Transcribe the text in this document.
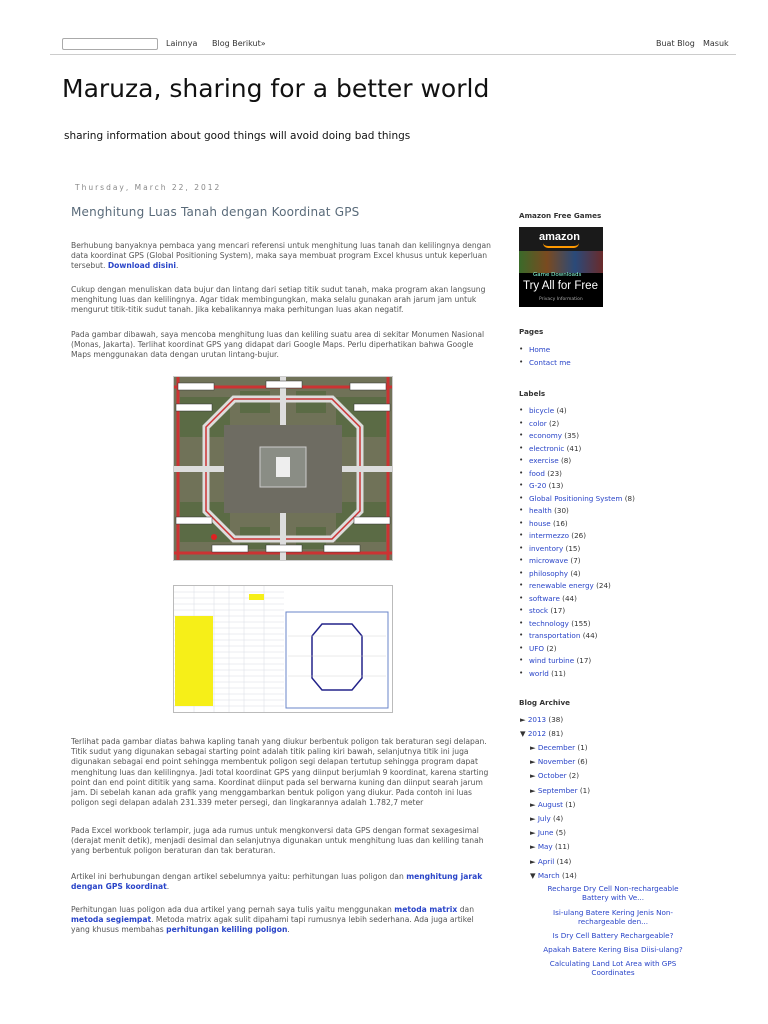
Lainnya Blog Berikut»	Buat Blog Masuk
Maruza, sharing for a better world
sharing information about good things will avoid doing bad things
Thursday, March 22, 2012
Menghitung Luas Tanah dengan Koordinat GPS
Berhubung banyaknya pembaca yang mencari referensi untuk menghitung luas tanah dan kelilingnya dengan data koordinat GPS (Global Positioning System), maka saya membuat program Excel khusus untuk keperluan tersebut. Download disini.
Cukup dengan menuliskan data bujur dan lintang dari setiap titik sudut tanah, maka program akan langsung menghitung luas dan kelilingnya. Agar tidak membingungkan, maka selalu gunakan arah jarum jam untuk mengurut titik-titik sudut tanah. Jika kebalikannya maka perhitungan luas akan negatif.
Pada gambar dibawah, saya mencoba menghitung luas dan keliling suatu area di sekitar Monumen Nasional (Monas, Jakarta). Terlihat koordinat GPS yang didapat dari Google Maps. Perlu diperhatikan bahwa Google Maps menggunakan data dengan urutan lintang-bujur.
Terlihat pada gambar diatas bahwa kapling tanah yang diukur berbentuk poligon tak beraturan segi delapan. Titik sudut yang digunakan sebagai starting point adalah titik paling kiri bawah, selanjutnya titik ini juga digunakan sebagai end point sehingga membentuk poligon segi delapan tertutup sehingga program dapat menghitung luas dan kelilingnya. Jadi total koordinat GPS yang diinput berjumlah 9 koordinat, karena starting point dan end point dititik yang sama. Koordinat diinput pada sel berwarna kuning dan diinput searah jarum jam. Di sebelah kanan ada grafik yang menggambarkan bentuk poligon yang diukur. Pada contoh ini luas poligon segi delapan adalah 231.339 meter persegi, dan lingkarannya adalah 1.782,7 meter
Pada Excel workbook terlampir, juga ada rumus untuk mengkonversi data GPS dengan format sexagesimal (derajat menit detik), menjadi desimal dan selanjutnya digunakan untuk menghitung luas dan keliling tanah yang berbentuk poligon beraturan dan tak beraturan.
Artikel ini berhubungan dengan artikel sebelumnya yaitu: perhitungan luas poligon dan menghitung jarak dengan GPS koordinat.
Perhitungan luas poligon ada dua artikel yang pernah saya tulis yaitu menggunakan metoda matrix dan metoda segiempat. Metoda matrix agak sulit dipahami tapi rumusnya lebih sederhana. Ada juga artikel yang khusus membahas perhitungan keliling poligon.
Amazon Free Games
amazon
Game Downloads
Try All for Free
Privacy Information
Pages
• Home
• Contact me
Labels
• bicycle (4)
• color (2)
• economy (35)
• electronic (41)
• exercise (8)
• food (23)
• G-20 (13)
• Global Positioning System (8)
• health (30)
• house (16)
• intermezzo (26)
• inventory (15)
• microwave (7)
• philosophy (4)
• renewable energy (24)
• software (44)
• stock (17)
• technology (155)
• transportation (44)
• UFO (2)
• wind turbine (17)
• world (11)
Blog Archive
► 2013 (38)
▼ 2012 (81)
► December (1)
► November (6)
► October (2)
► September (1)
► August (1)
► July (4)
► June (5)
► May (11)
► April (14)
▼ March (14)
Recharge Dry Cell Non-rechargeable Battery with Ve...
Isi-ulang Batere Kering Jenis Non-rechargeable den...
Is Dry Cell Battery Rechargeable?
Apakah Batere Kering Bisa Diisi-ulang?
Calculating Land Lot Area with GPS Coordinates
